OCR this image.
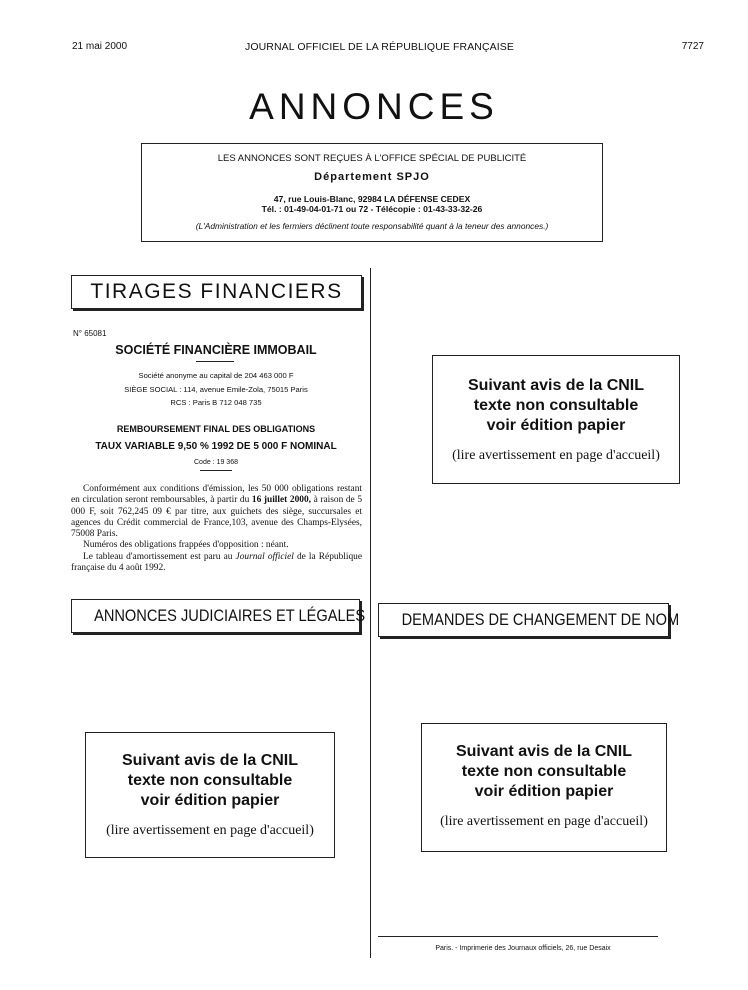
21 mai 2000	JOURNAL OFFICIEL DE LA RÉPUBLIQUE FRANÇAISE	7727
ANNONCES
LES ANNONCES SONT REÇUES À L'OFFICE SPÉCIAL DE PUBLICITÉ
Département SPJO
47, rue Louis-Blanc, 92984 LA DÉFENSE CEDEX
Tél. : 01-49-04-01-71 ou 72 - Télécopie : 01-43-33-32-26
(L'Administration et les fermiers déclinent toute responsabilité quant à la teneur des annonces.)
TIRAGES FINANCIERS
N° 65081
SOCIÉTÉ FINANCIÈRE IMMOBAIL
Société anonyme au capital de 204 463 000 F
SIÈGE SOCIAL : 114, avenue Emile-Zola, 75015 Paris
RCS : Paris B 712 048 735
REMBOURSEMENT FINAL DES OBLIGATIONS
TAUX VARIABLE 9,50 % 1992 DE 5 000 F NOMINAL
Code : 19 368

Conformément aux conditions d'émission, les 50 000 obligations restant en circulation seront remboursables, à partir du 16 juillet 2000, à raison de 5 000 F, soit 762,245 09 € par titre, aux guichets des siège, succursales et agences du Crédit commercial de France,103, avenue des Champs-Elysées, 75008 Paris.

Numéros des obligations frappées d'opposition : néant.

Le tableau d'amortissement est paru au Journal officiel de la République française du 4 août 1992.

Suivant avis de la CNIL
texte non consultable
voir édition papier
(lire avertissement en page d'accueil)
ANNONCES JUDICIAIRES ET LÉGALES	DEMANDES DE CHANGEMENT DE NOM
Suivant avis de la CNIL
texte non consultable
voir édition papier
(lire avertissement en page d'accueil)
Suivant avis de la CNIL
texte non consultable
voir édition papier
(lire avertissement en page d'accueil)
Paris. - Imprimerie des Journaux officiels, 26, rue Desaix
